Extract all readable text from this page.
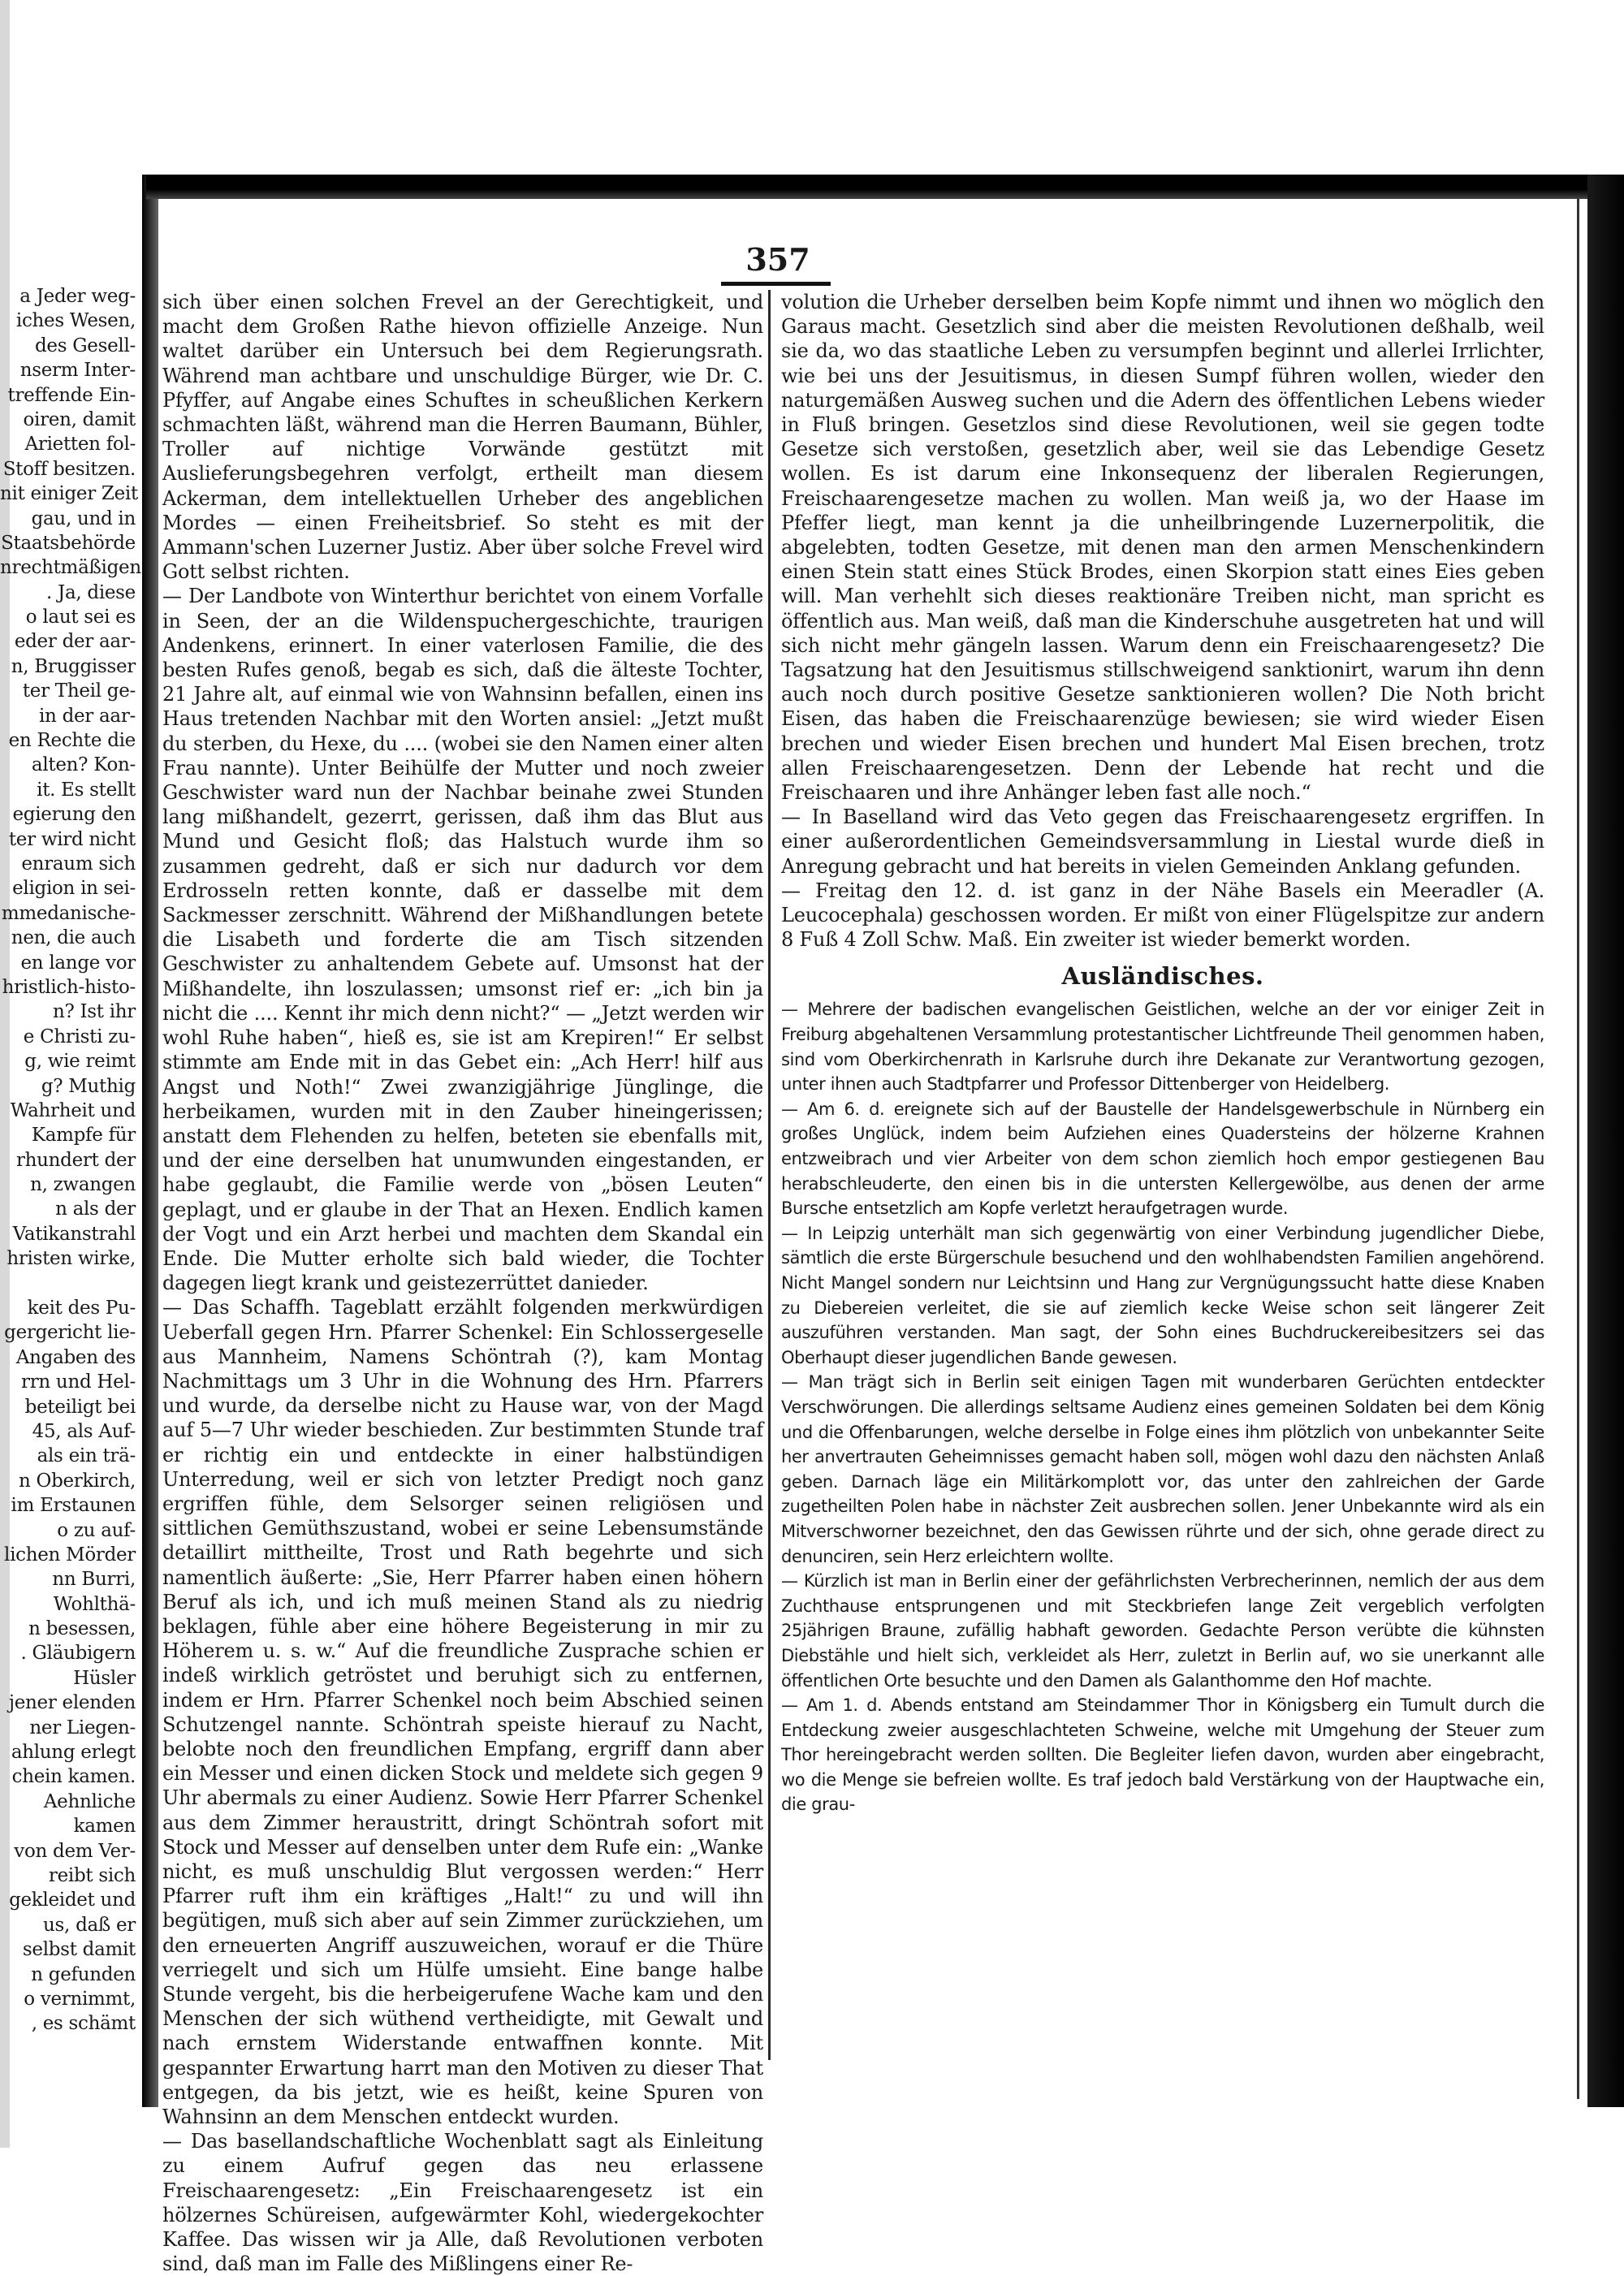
a Jeder weg-
iches Wesen,
des Gesell-
nserm Inter-
treffende Ein-
oiren, damit
Arietten fol-
Stoff besitzen.
nit einiger Zeit
gau, und in
Staatsbehörde
nrechtmäßigen
. Ja, diese
o laut sei es
eder der aar-
n, Bruggisser
ter Theil ge-
in der aar-
en Rechte die
alten? Kon-
it. Es stellt
egierung den
ter wird nicht
enraum sich
eligion in sei-
mmedanische-
nen, die auch
en lange vor
hristlich-histo-
n? Ist ihr
e Christi zu-
g, wie reimt
g? Muthig
Wahrheit und
Kampfe für
rhundert der
n, zwangen
n als der
Vatikanstrahl
hristen wirke,
keit des Pu-
gergericht lie-
Angaben des
rrn und Hel-
beteiligt bei
45, als Auf-
als ein trä-
n Oberkirch,
im Erstaunen
o zu auf-
lichen Mörder
nn Burri,
Wohlthä-
n besessen,
. Gläubigern
Hüsler
jener elenden
ner Liegen-
ahlung erlegt
chein kamen.
Aehnliche
kamen
von dem Ver-
reibt sich
gekleidet und
us, daß er
selbst damit
n gefunden
o vernimmt,
, es schämt
357

sich über einen solchen Frevel an der Gerechtigkeit, und macht dem Großen Rathe hievon offizielle Anzeige. Nun waltet darüber ein Untersuch bei dem Regierungsrath. Während man achtbare und unschuldige Bürger, wie Dr. C. Pfyffer, auf Angabe eines Schuftes in scheußlichen Kerkern schmachten läßt, während man die Herren Baumann, Bühler, Troller auf nichtige Vorwände gestützt mit Auslieferungsbegehren verfolgt, ertheilt man diesem Ackerman, dem intellektuellen Urheber des angeblichen Mordes — einen Freiheitsbrief. So steht es mit der Ammann'schen Luzerner Justiz. Aber über solche Frevel wird Gott selbst richten.

— Der Landbote von Winterthur berichtet von einem Vorfalle in Seen, der an die Wildenspuchergeschichte, traurigen Andenkens, erinnert. In einer vaterlosen Familie, die des besten Rufes genoß, begab es sich, daß die älteste Tochter, 21 Jahre alt, auf einmal wie von Wahnsinn befallen, einen ins Haus tretenden Nachbar mit den Worten ansiel: „Jetzt mußt du sterben, du Hexe, du .... (wobei sie den Namen einer alten Frau nannte). Unter Beihülfe der Mutter und noch zweier Geschwister ward nun der Nachbar beinahe zwei Stunden lang mißhandelt, gezerrt, gerissen, daß ihm das Blut aus Mund und Gesicht floß; das Halstuch wurde ihm so zusammen gedreht, daß er sich nur dadurch vor dem Erdrosseln retten konnte, daß er dasselbe mit dem Sackmesser zerschnitt. Während der Mißhandlungen betete die Lisabeth und forderte die am Tisch sitzenden Geschwister zu anhaltendem Gebete auf. Umsonst hat der Mißhandelte, ihn loszulassen; umsonst rief er: „ich bin ja nicht die .... Kennt ihr mich denn nicht?“ — „Jetzt werden wir wohl Ruhe haben“, hieß es, sie ist am Krepiren!“ Er selbst stimmte am Ende mit in das Gebet ein: „Ach Herr! hilf aus Angst und Noth!“ Zwei zwanzigjährige Jünglinge, die herbeikamen, wurden mit in den Zauber hineingerissen; anstatt dem Flehenden zu helfen, beteten sie ebenfalls mit, und der eine derselben hat unumwunden eingestanden, er habe geglaubt, die Familie werde von „bösen Leuten“ geplagt, und er glaube in der That an Hexen. Endlich kamen der Vogt und ein Arzt herbei und machten dem Skandal ein Ende. Die Mutter erholte sich bald wieder, die Tochter dagegen liegt krank und geistezerrüttet danieder.

— Das Schaffh. Tageblatt erzählt folgenden merkwürdigen Ueberfall gegen Hrn. Pfarrer Schenkel: Ein Schlossergeselle aus Mannheim, Namens Schöntrah (?), kam Montag Nachmittags um 3 Uhr in die Wohnung des Hrn. Pfarrers und wurde, da derselbe nicht zu Hause war, von der Magd auf 5—7 Uhr wieder beschieden. Zur bestimmten Stunde traf er richtig ein und entdeckte in einer halbstündigen Unterredung, weil er sich von letzter Predigt noch ganz ergriffen fühle, dem Selsorger seinen religiösen und sittlichen Gemüthszustand, wobei er seine Lebensumstände detaillirt mittheilte, Trost und Rath begehrte und sich namentlich äußerte: „Sie, Herr Pfarrer haben einen höhern Beruf als ich, und ich muß meinen Stand als zu niedrig beklagen, fühle aber eine höhere Begeisterung in mir zu Höherem u. s. w.“ Auf die freundliche Zusprache schien er indeß wirklich getröstet und beruhigt sich zu entfernen, indem er Hrn. Pfarrer Schenkel noch beim Abschied seinen Schutzengel nannte. Schöntrah speiste hierauf zu Nacht, belobte noch den freundlichen Empfang, ergriff dann aber ein Messer und einen dicken Stock und meldete sich gegen 9 Uhr abermals zu einer Audienz. Sowie Herr Pfarrer Schenkel aus dem Zimmer heraustritt, dringt Schöntrah sofort mit Stock und Messer auf denselben unter dem Rufe ein: „Wanke nicht, es muß unschuldig Blut vergossen werden:“ Herr Pfarrer ruft ihm ein kräftiges „Halt!“ zu und will ihn begütigen, muß sich aber auf sein Zimmer zurückziehen, um den erneuerten Angriff auszuweichen, worauf er die Thüre verriegelt und sich um Hülfe umsieht. Eine bange halbe Stunde vergeht, bis die herbeigerufene Wache kam und den Menschen der sich wüthend vertheidigte, mit Gewalt und nach ernstem Widerstande entwaffnen konnte. Mit gespannter Erwartung harrt man den Motiven zu dieser That entgegen, da bis jetzt, wie es heißt, keine Spuren von Wahnsinn an dem Menschen entdeckt wurden.

— Das basellandschaftliche Wochenblatt sagt als Einleitung zu einem Aufruf gegen das neu erlassene Freischaarengesetz: „Ein Freischaarengesetz ist ein hölzernes Schüreisen, aufgewärmter Kohl, wiedergekochter Kaffee. Das wissen wir ja Alle, daß Revolutionen verboten sind, daß man im Falle des Mißlingens einer Re-

volution die Urheber derselben beim Kopfe nimmt und ihnen wo möglich den Garaus macht. Gesetzlich sind aber die meisten Revolutionen deßhalb, weil sie da, wo das staatliche Leben zu versumpfen beginnt und allerlei Irrlichter, wie bei uns der Jesuitismus, in diesen Sumpf führen wollen, wieder den naturgemäßen Ausweg suchen und die Adern des öffentlichen Lebens wieder in Fluß bringen. Gesetzlos sind diese Revolutionen, weil sie gegen todte Gesetze sich verstoßen, gesetzlich aber, weil sie das Lebendige Gesetz wollen. Es ist darum eine Inkonsequenz der liberalen Regierungen, Freischaarengesetze machen zu wollen. Man weiß ja, wo der Haase im Pfeffer liegt, man kennt ja die unheilbringende Luzernerpolitik, die abgelebten, todten Gesetze, mit denen man den armen Menschenkindern einen Stein statt eines Stück Brodes, einen Skorpion statt eines Eies geben will. Man verhehlt sich dieses reaktionäre Treiben nicht, man spricht es öffentlich aus. Man weiß, daß man die Kinderschuhe ausgetreten hat und will sich nicht mehr gängeln lassen. Warum denn ein Freischaarengesetz? Die Tagsatzung hat den Jesuitismus stillschweigend sanktionirt, warum ihn denn auch noch durch positive Gesetze sanktionieren wollen? Die Noth bricht Eisen, das haben die Freischaarenzüge bewiesen; sie wird wieder Eisen brechen und wieder Eisen brechen und hundert Mal Eisen brechen, trotz allen Freischaarengesetzen. Denn der Lebende hat recht und die Freischaaren und ihre Anhänger leben fast alle noch.“

— In Baselland wird das Veto gegen das Freischaarengesetz ergriffen. In einer außerordentlichen Gemeindsversammlung in Liestal wurde dieß in Anregung gebracht und hat bereits in vielen Gemeinden Anklang gefunden.

— Freitag den 12. d. ist ganz in der Nähe Basels ein Meeradler (A. Leucocephala) geschossen worden. Er mißt von einer Flügelspitze zur andern 8 Fuß 4 Zoll Schw. Maß. Ein zweiter ist wieder bemerkt worden.

Ausländisches.

— Mehrere der badischen evangelischen Geistlichen, welche an der vor einiger Zeit in Freiburg abgehaltenen Versammlung protestantischer Lichtfreunde Theil genommen haben, sind vom Oberkirchenrath in Karlsruhe durch ihre Dekanate zur Verantwortung gezogen, unter ihnen auch Stadtpfarrer und Professor Dittenberger von Heidelberg.

— Am 6. d. ereignete sich auf der Baustelle der Handelsgewerbschule in Nürnberg ein großes Unglück, indem beim Aufziehen eines Quadersteins der hölzerne Krahnen entzweibrach und vier Arbeiter von dem schon ziemlich hoch empor gestiegenen Bau herabschleuderte, den einen bis in die untersten Kellergewölbe, aus denen der arme Bursche entsetzlich am Kopfe verletzt heraufgetragen wurde.

— In Leipzig unterhält man sich gegenwärtig von einer Verbindung jugendlicher Diebe, sämtlich die erste Bürgerschule besuchend und den wohlhabendsten Familien angehörend. Nicht Mangel sondern nur Leichtsinn und Hang zur Vergnügungssucht hatte diese Knaben zu Diebereien verleitet, die sie auf ziemlich kecke Weise schon seit längerer Zeit auszuführen verstanden. Man sagt, der Sohn eines Buchdruckereibesitzers sei das Oberhaupt dieser jugendlichen Bande gewesen.

— Man trägt sich in Berlin seit einigen Tagen mit wunderbaren Gerüchten entdeckter Verschwörungen. Die allerdings seltsame Audienz eines gemeinen Soldaten bei dem König und die Offenbarungen, welche derselbe in Folge eines ihm plötzlich von unbekannter Seite her anvertrauten Geheimnisses gemacht haben soll, mögen wohl dazu den nächsten Anlaß geben. Darnach läge ein Militärkomplott vor, das unter den zahlreichen der Garde zugetheilten Polen habe in nächster Zeit ausbrechen sollen. Jener Unbekannte wird als ein Mitverschworner bezeichnet, den das Gewissen rührte und der sich, ohne gerade direct zu denunciren, sein Herz erleichtern wollte.

— Kürzlich ist man in Berlin einer der gefährlichsten Verbrecherinnen, nemlich der aus dem Zuchthause entsprungenen und mit Steckbriefen lange Zeit vergeblich verfolgten 25jährigen Braune, zufällig habhaft geworden. Gedachte Person verübte die kühnsten Diebstähle und hielt sich, verkleidet als Herr, zuletzt in Berlin auf, wo sie unerkannt alle öffentlichen Orte besuchte und den Damen als Galanthomme den Hof machte.

— Am 1. d. Abends entstand am Steindammer Thor in Königsberg ein Tumult durch die Entdeckung zweier ausgeschlachteten Schweine, welche mit Umgehung der Steuer zum Thor hereingebracht werden sollten. Die Begleiter liefen davon, wurden aber eingebracht, wo die Menge sie befreien wollte. Es traf jedoch bald Verstärkung von der Hauptwache ein, die grau-
